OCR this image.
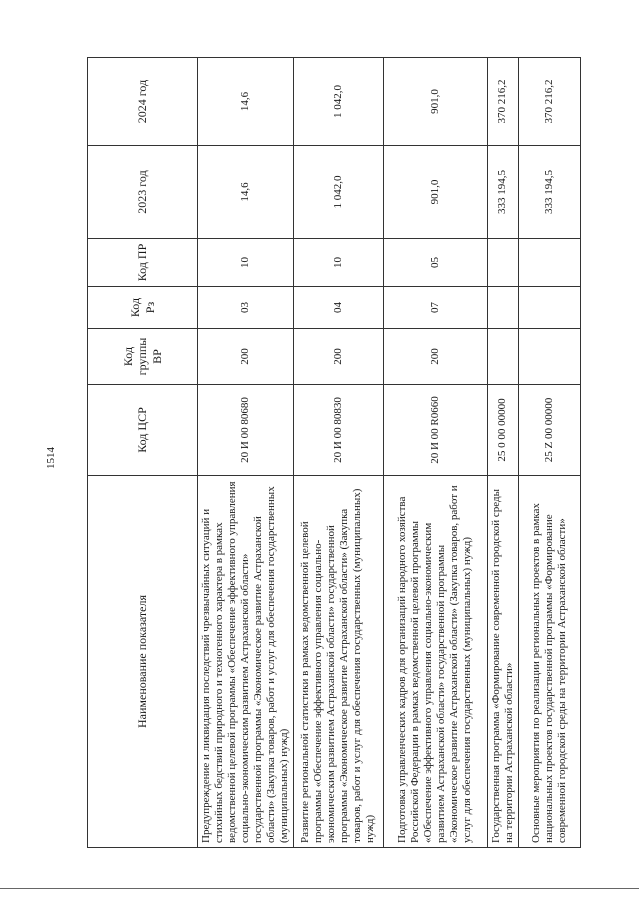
1514
Наименование показателя	Код ЦСР	Код группы ВР	Код Рз	Код ПР	2023 год	2024 год
Предупреждение и ликвидация последствий чрезвычайных ситуаций и стихийных бедствий природного и техногенного характера в рамках ведомственной целевой программы «Обеспечение эффективного управления социально-экономическим развитием Астраханской области» государственной программы «Экономическое развитие Астраханской области» (Закупка товаров, работ и услуг для обеспечения государственных (муниципальных) нужд)	20 И 00 80680	200	03	10	14,6	14,6
Развитие региональной статистики в рамках ведомственной целевой программы «Обеспечение эффективного управления социально-экономическим развитием Астраханской области» государственной программы «Экономическое развитие Астраханской области» (Закупка товаров, работ и услуг для обеспечения государственных (муниципальных) нужд)	20 И 00 80830	200	04	10	1 042,0	1 042,0
Подготовка управленческих кадров для организаций народного хозяйства Российской Федерации в рамках ведомственной целевой программы «Обеспечение эффективного управления социально-экономическим развитием Астраханской области» государственной программы «Экономическое развитие Астраханской области» (Закупка товаров, работ и услуг для обеспечения государственных (муниципальных) нужд)	20 И 00 R0660	200	07	05	901,0	901,0
Государственная программа «Формирование современной городской среды на территории Астраханской области»	25 0 00 00000				333 194,5	370 216,2
Основные мероприятия по реализации региональных проектов в рамках национальных проектов государственной программы «Формирование современной городской среды на территории Астраханской области»	25 Z 00 00000				333 194,5	370 216,2
